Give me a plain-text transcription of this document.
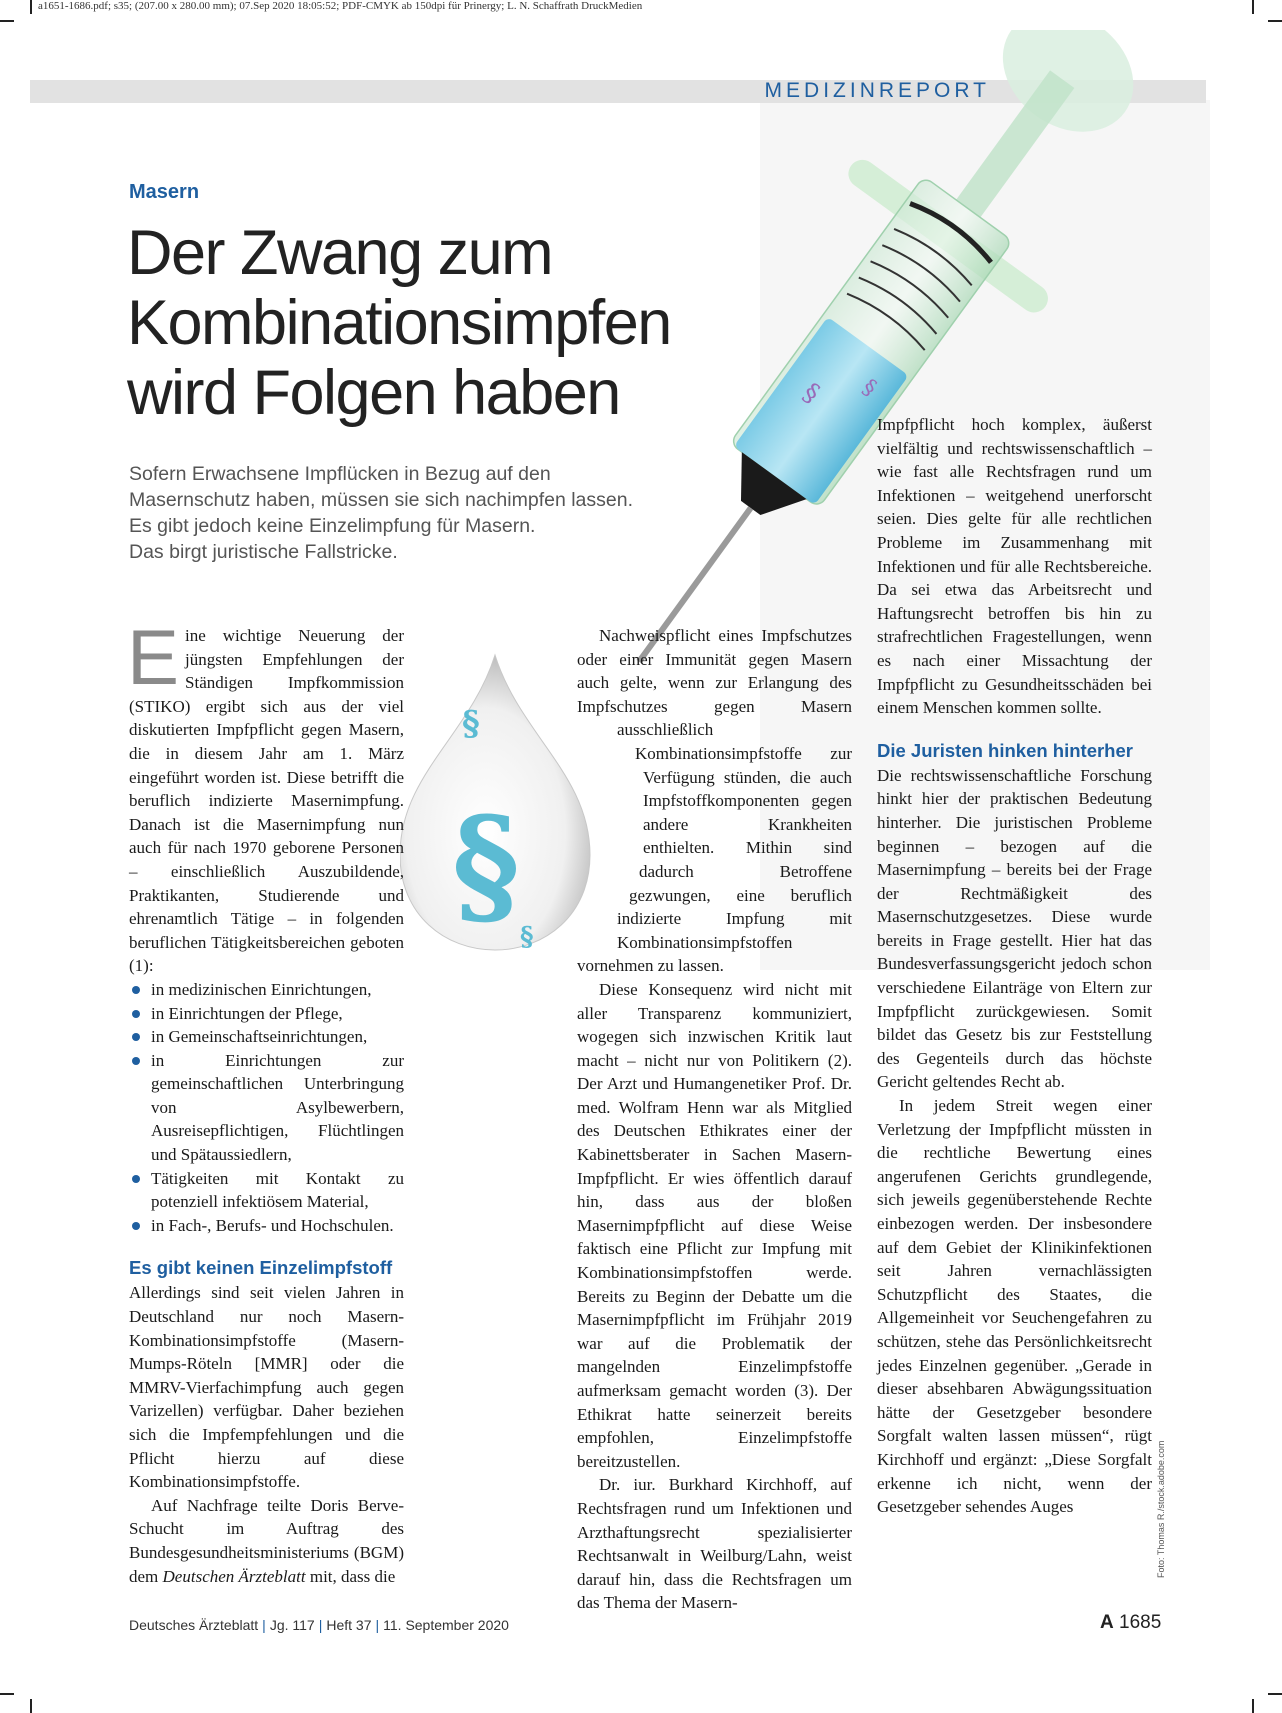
a1651-1686.pdf; s35; (207.00 x 280.00 mm); 07.Sep 2020 18:05:52; PDF-CMYK ab 150dpi für Prinergy; L. N. Schaffrath DruckMedien
MEDIZINREPORT
§ §
§
§ §
Masern
Der Zwang zum
Kombinationsimpfen
wird Folgen haben

Sofern Erwachsene Impflücken in Bezug auf den
Masernschutz haben, müssen sie sich nachimpfen lassen.
Es gibt jedoch keine Einzelimpfung für Masern.
Das birgt juristische Fallstricke.

Eine wichtige Neuerung der jüngsten Empfehlungen der Ständigen Impfkommission (STIKO) ergibt sich aus der viel diskutierten Impfpflicht gegen Masern, die in diesem Jahr am 1. März eingeführt worden ist. Diese betrifft die beruflich indizierte Masernimpfung. Danach ist die Masernimpfung nun auch für nach 1970 geborene Personen – einschließlich Auszubildende, Praktikanten, Studierende und ehrenamtlich Tätige – in folgenden beruflichen Tätigkeitsbereichen geboten (1):

in medizinischen Einrichtungen,
in Einrichtungen der Pflege,
in Gemeinschaftseinrichtungen,
in Einrichtungen zur gemeinschaftlichen Unterbringung von Asylbewerbern, Ausreisepflichtigen, Flüchtlingen und Spätaussiedlern,
Tätigkeiten mit Kontakt zu potenziell infektiösem Material,
in Fach-, Berufs- und Hochschulen.
Es gibt keinen Einzelimpfstoff

Allerdings sind seit vielen Jahren in Deutschland nur noch Masern-Kombinationsimpfstoffe (Masern-Mumps-Röteln [MMR] oder die MMRV-Vierfachimpfung auch gegen Varizellen) verfügbar. Daher beziehen sich die Impfempfehlungen und die Pflicht hierzu auf diese Kombinationsimpfstoffe.

Auf Nachfrage teilte Doris Berve-Schucht im Auftrag des Bundesgesundheitsministeriums (BGM) dem Deutschen Ärzteblatt mit, dass die

Nachweispflicht eines Impfschutzes oder einer Immunität gegen Masern auch gelte, wenn zur Erlangung des Impfschutzes gegen Masern ausschließlich Kombinationsimpfstoffe zur Verfügung stünden, die auch Impfstoffkomponenten gegen andere Krankheiten enthielten. Mithin sind dadurch Betroffene gezwungen, eine beruflich indizierte Impfung mit Kombinationsimpfstoffen vornehmen zu lassen.

Diese Konsequenz wird nicht mit aller Transparenz kommuniziert, wogegen sich inzwischen Kritik laut macht – nicht nur von Politikern (2). Der Arzt und Humangenetiker Prof. Dr. med. Wolfram Henn war als Mitglied des Deutschen Ethikrates einer der Kabinettsberater in Sachen Masern-Impfpflicht. Er wies öffentlich darauf hin, dass aus der bloßen Masernimpfpflicht auf diese Weise faktisch eine Pflicht zur Impfung mit Kombinationsimpfstoffen werde. Bereits zu Beginn der Debatte um die Masernimpfpflicht im Frühjahr 2019 war auf die Problematik der mangelnden Einzelimpfstoffe aufmerksam gemacht worden (3). Der Ethikrat hatte seinerzeit bereits empfohlen, Einzelimpfstoffe bereitzustellen.

Dr. iur. Burkhard Kirchhoff, auf Rechtsfragen rund um Infektionen und Arzthaftungsrecht spezialisierter Rechtsanwalt in Weilburg/Lahn, weist darauf hin, dass die Rechtsfragen um das Thema der Masern-

Impfpflicht hoch komplex, äußerst vielfältig und rechtswissenschaftlich – wie fast alle Rechtsfragen rund um Infektionen – weitgehend unerforscht seien. Dies gelte für alle rechtlichen Probleme im Zusammenhang mit Infektionen und für alle Rechtsbereiche. Da sei etwa das Arbeitsrecht und Haftungsrecht betroffen bis hin zu strafrechtlichen Fragestellungen, wenn es nach einer Missachtung der Impfpflicht zu Gesundheitsschäden bei einem Menschen kommen sollte.

Die Juristen hinken hinterher

Die rechtswissenschaftliche Forschung hinkt hier der praktischen Bedeutung hinterher. Die juristischen Probleme beginnen – bezogen auf die Masernimpfung – bereits bei der Frage der Rechtmäßigkeit des Masernschutzgesetzes. Diese wurde bereits in Frage gestellt. Hier hat das Bundesverfassungsgericht jedoch schon verschiedene Eilanträge von Eltern zur Impfpflicht zurückgewiesen. Somit bildet das Gesetz bis zur Feststellung des Gegenteils durch das höchste Gericht geltendes Recht ab.

In jedem Streit wegen einer Verletzung der Impfpflicht müssten in die rechtliche Bewertung eines angerufenen Gerichts grundlegende, sich jeweils gegenüberstehende Rechte einbezogen werden. Der insbesondere auf dem Gebiet der Klinikinfektionen seit Jahren vernachlässigten Schutzpflicht des Staates, die Allgemeinheit vor Seuchengefahren zu schützen, stehe das Persönlichkeitsrecht jedes Einzelnen gegenüber. „Gerade in dieser absehbaren Abwägungssituation hätte der Gesetzgeber besondere Sorgfalt walten lassen müssen“, rügt Kirchhoff und ergänzt: „Diese Sorgfalt erkenne ich nicht, wenn der Gesetzgeber sehendes Auges	Foto: Thomas R./stock.adobe.com
Deutsches Ärzteblatt | Jg. 117 | Heft 37 | 11. September 2020	A 1685
